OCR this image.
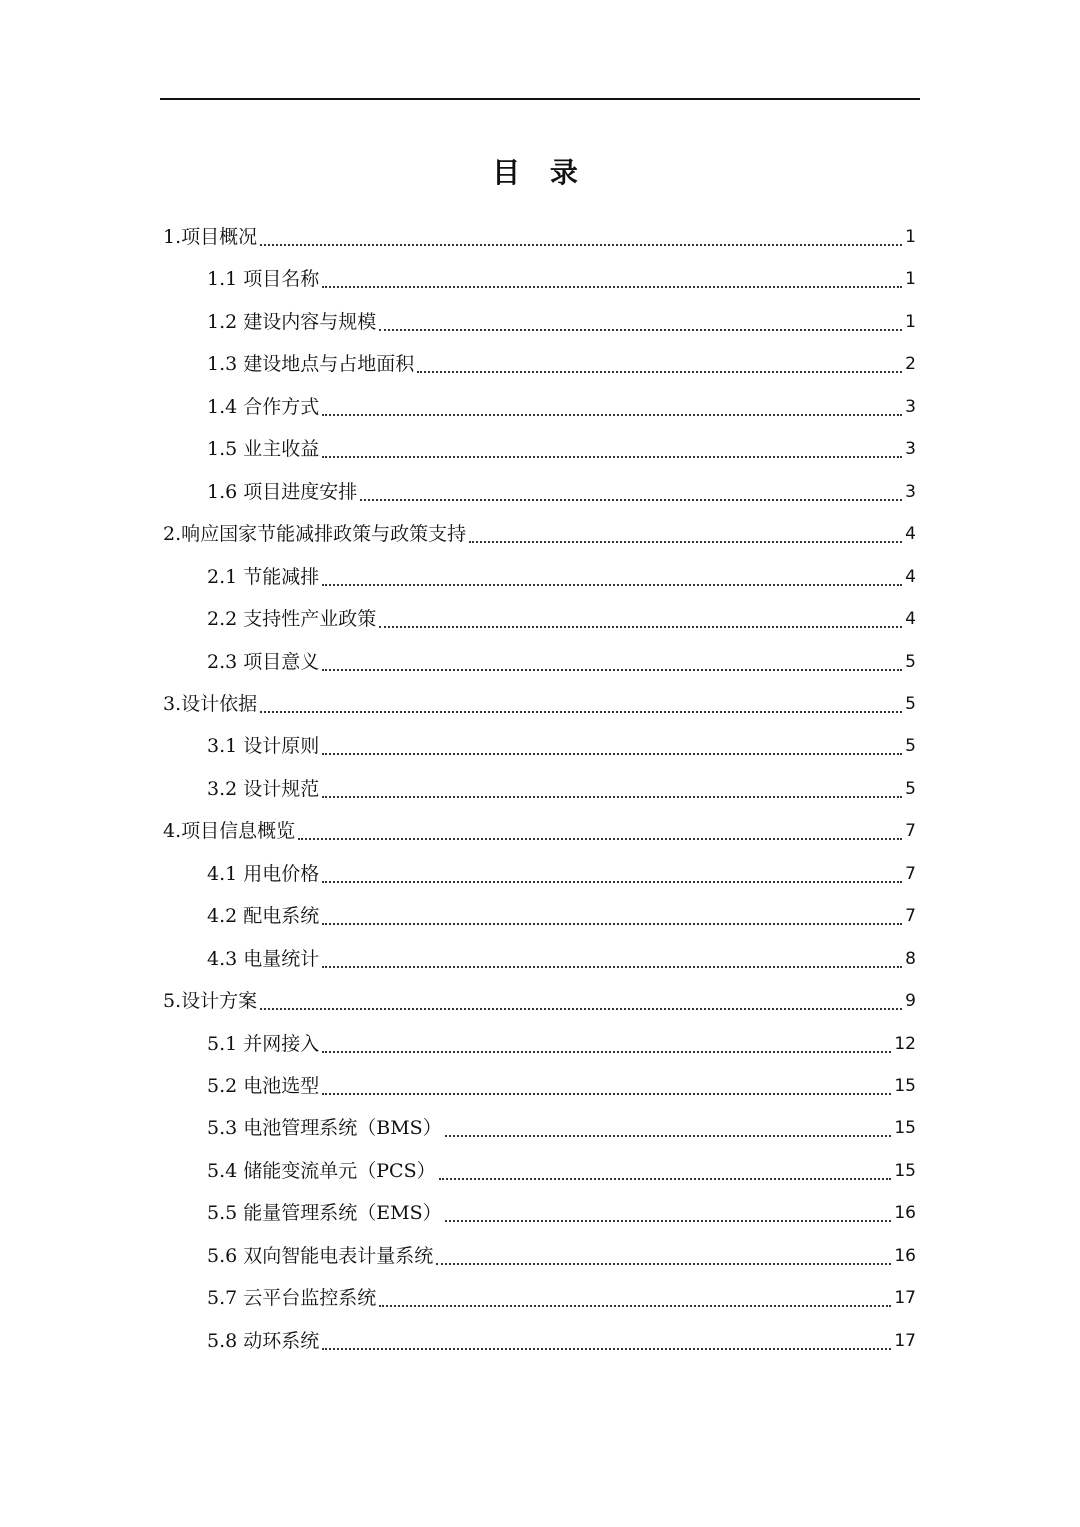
目 录
1.项目概况	1
1.1 项目名称	1
1.2 建设内容与规模	1
1.3 建设地点与占地面积	2
1.4 合作方式	3
1.5 业主收益	3
1.6 项目进度安排	3
2.响应国家节能减排政策与政策支持	4
2.1 节能减排	4
2.2 支持性产业政策	4
2.3 项目意义	5
3.设计依据	5
3.1 设计原则	5
3.2 设计规范	5
4.项目信息概览	7
4.1 用电价格	7
4.2 配电系统	7
4.3 电量统计	8
5.设计方案	9
5.1 并网接入	12
5.2 电池选型	15
5.3 电池管理系统（BMS）	15
5.4 储能变流单元（PCS）	15
5.5 能量管理系统（EMS）	16
5.6 双向智能电表计量系统	16
5.7 云平台监控系统	17
5.8 动环系统	17
